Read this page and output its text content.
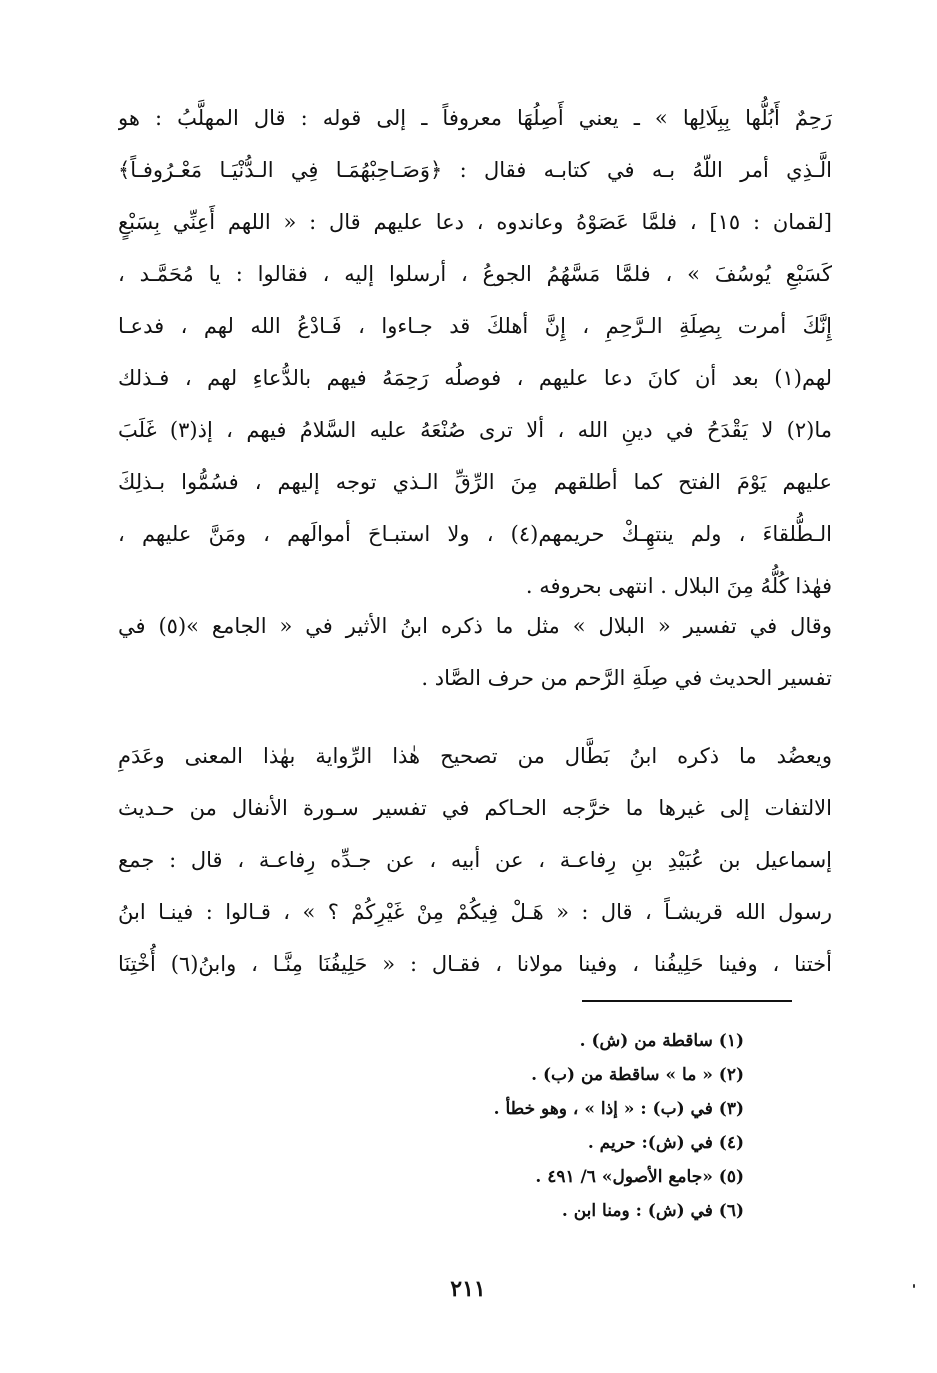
رَحِمٌ أَبُلُّها بِبِلَالِها » ـ يعني أَصِلُهَا معروفاً ـ إلى قوله : قال المهلَّبُ : هو
الَّـذِي أمر اللّهُ بـه في كتابـه فقال : ﴿وَصَـاحِبْهُمَـا فِي الـدُّنْيَـا مَعْـرُوفـاً﴾
[لقمان : ١٥] ، فلمَّا عَصَوْهُ وعاندوه ، دعا عليهم قال : « اللهم أَعِنِّي بِسَبْعٍ
كَسَبْعِ يُوسُفَ » ، فلمَّا مَسَّهُمُ الجوعُ ، أرسلوا إليه ، فقالوا : يا مُحَمَّـد ،
إِنَّكَ أمرت بِصِلَةِ الـرَّحِمِ ، إِنَّ أهلكَ قد جـاءوا ، فَـادْعُ الله لهم ، فدعـا
لهم(١) بعد أن كانَ دعا عليهم ، فوصلُه رَحِمَهُ فيهم بالدُّعاءِ لهم ، فـذلك
ما(٢) لا يَقْدَحُ في دينِ الله ، ألا ترى صُنْعَهُ عليه السَّلامُ فيهم ، إذ(٣) غَلَبَ
عليهم يَوْمَ الفتح كما أطلقهم مِنَ الرِّقِّ الـذي توجه إليهم ، فسُمُّوا بـذلِكَ
الـطُّلقاءَ ، ولم ينتهِـكْ حريمهم(٤) ، ولا استبـاحَ أموالَهم ، ومَنَّ عليهم ،
فهٰذا كُلُّهُ مِنَ البلال . انتهى بحروفه .
وقال في تفسير « البلال » مثل ما ذكره ابنُ الأثير في « الجامع »(٥) في
تفسير الحديث في صِلَةِ الرَّحم من حرف الصَّاد .
ويعضُد ما ذكره ابنُ بَطَّال من تصحيح هٰذا الرِّواية بهٰذا المعنى وعَدَمِ
الالتفات إلى غيرها ما خرَّجه الحـاكم في تفسير سـورة الأنفال من حـديث
إسماعيل بن عُبَيْدِ بنِ رِفاعـة ، عن أبيه ، عن جـدِّه رِفاعـة ، قال : جمع
رسول الله قريشـاً ، قال : « هَـلْ فِيكُمْ مِنْ غَيْرِكُمْ ؟ » ، قـالوا : فينـا ابنُ
أختنا ، وفينا حَلِيفُنا ، وفينا مولانا ، فقـال : « حَلِيفُنَا مِنَّـا ، وابنُ(٦) أُخْتِنَا
(١) ساقطة من (ش) .
(٢) « ما » ساقطة من (ب) .
(٣) في (ب) : « إذا » ، وهو خطأ .
(٤) في (ش): حريم .
(٥) «جامع الأصول» ٦/ ٤٩١ .
(٦) في (ش) : ومنا ابن .
٢١١
